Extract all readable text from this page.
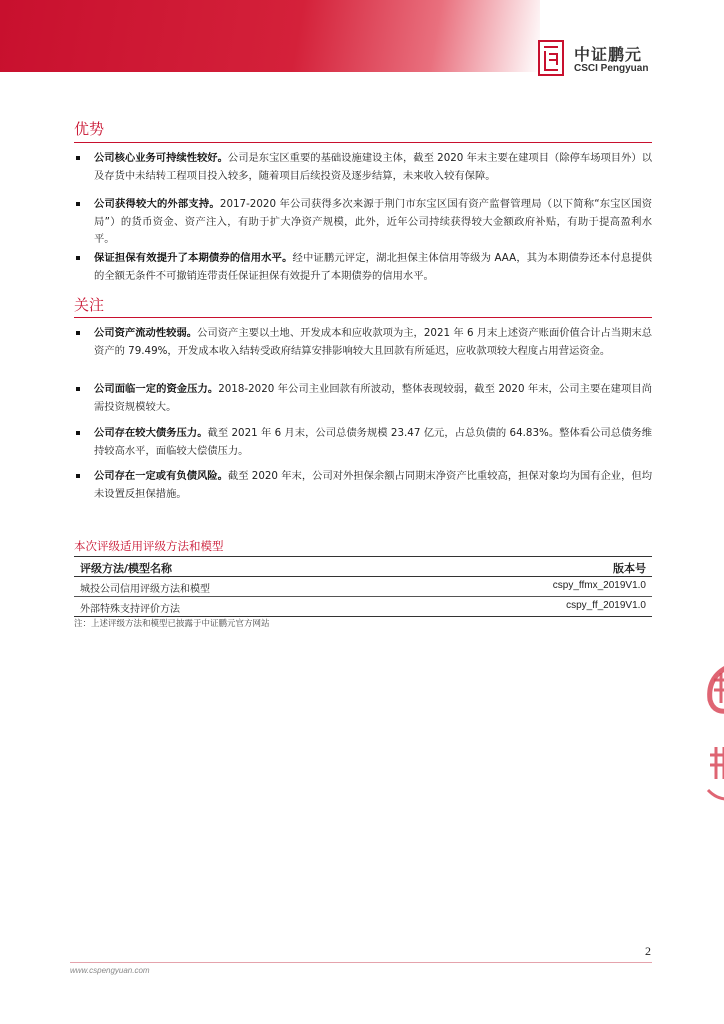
中证鹏元
CSCI Pengyuan
优势
公司核心业务可持续性较好。公司是东宝区重要的基础设施建设主体，截至 2020 年末主要在建项目（除停车场项目外）以及存货中未结转工程项目投入较多，随着项目后续投资及逐步结算，未来收入较有保障。
公司获得较大的外部支持。2017-2020 年公司获得多次来源于荆门市东宝区国有资产监督管理局（以下简称“东宝区国资局”）的货币资金、资产注入，有助于扩大净资产规模，此外，近年公司持续获得较大金额政府补贴，有助于提高盈利水平。
保证担保有效提升了本期债券的信用水平。经中证鹏元评定，湖北担保主体信用等级为 AAA，其为本期债券还本付息提供的全额无条件不可撤销连带责任保证担保有效提升了本期债券的信用水平。
关注
公司资产流动性较弱。公司资产主要以土地、开发成本和应收款项为主，2021 年 6 月末上述资产账面价值合计占当期末总资产的 79.49%，开发成本收入结转受政府结算安排影响较大且回款有所延迟，应收款项较大程度占用营运资金。
公司面临一定的资金压力。2018-2020 年公司主业回款有所波动，整体表现较弱，截至 2020 年末，公司主要在建项目尚需投资规模较大。
公司存在较大债务压力。截至 2021 年 6 月末，公司总债务规模 23.47 亿元，占总负债的 64.83%。整体看公司总债务维持较高水平，面临较大偿债压力。
公司存在一定或有负债风险。截至 2020 年末，公司对外担保余额占同期末净资产比重较高，担保对象均为国有企业，但均未设置反担保措施。
本次评级适用评级方法和模型
评级方法/模型名称	版本号
城投公司信用评级方法和模型	cspy_ffmx_2019V1.0
外部特殊支持评价方法	cspy_ff_2019V1.0
注：上述评级方法和模型已披露于中证鹏元官方网站
2
www.cspengyuan.com
